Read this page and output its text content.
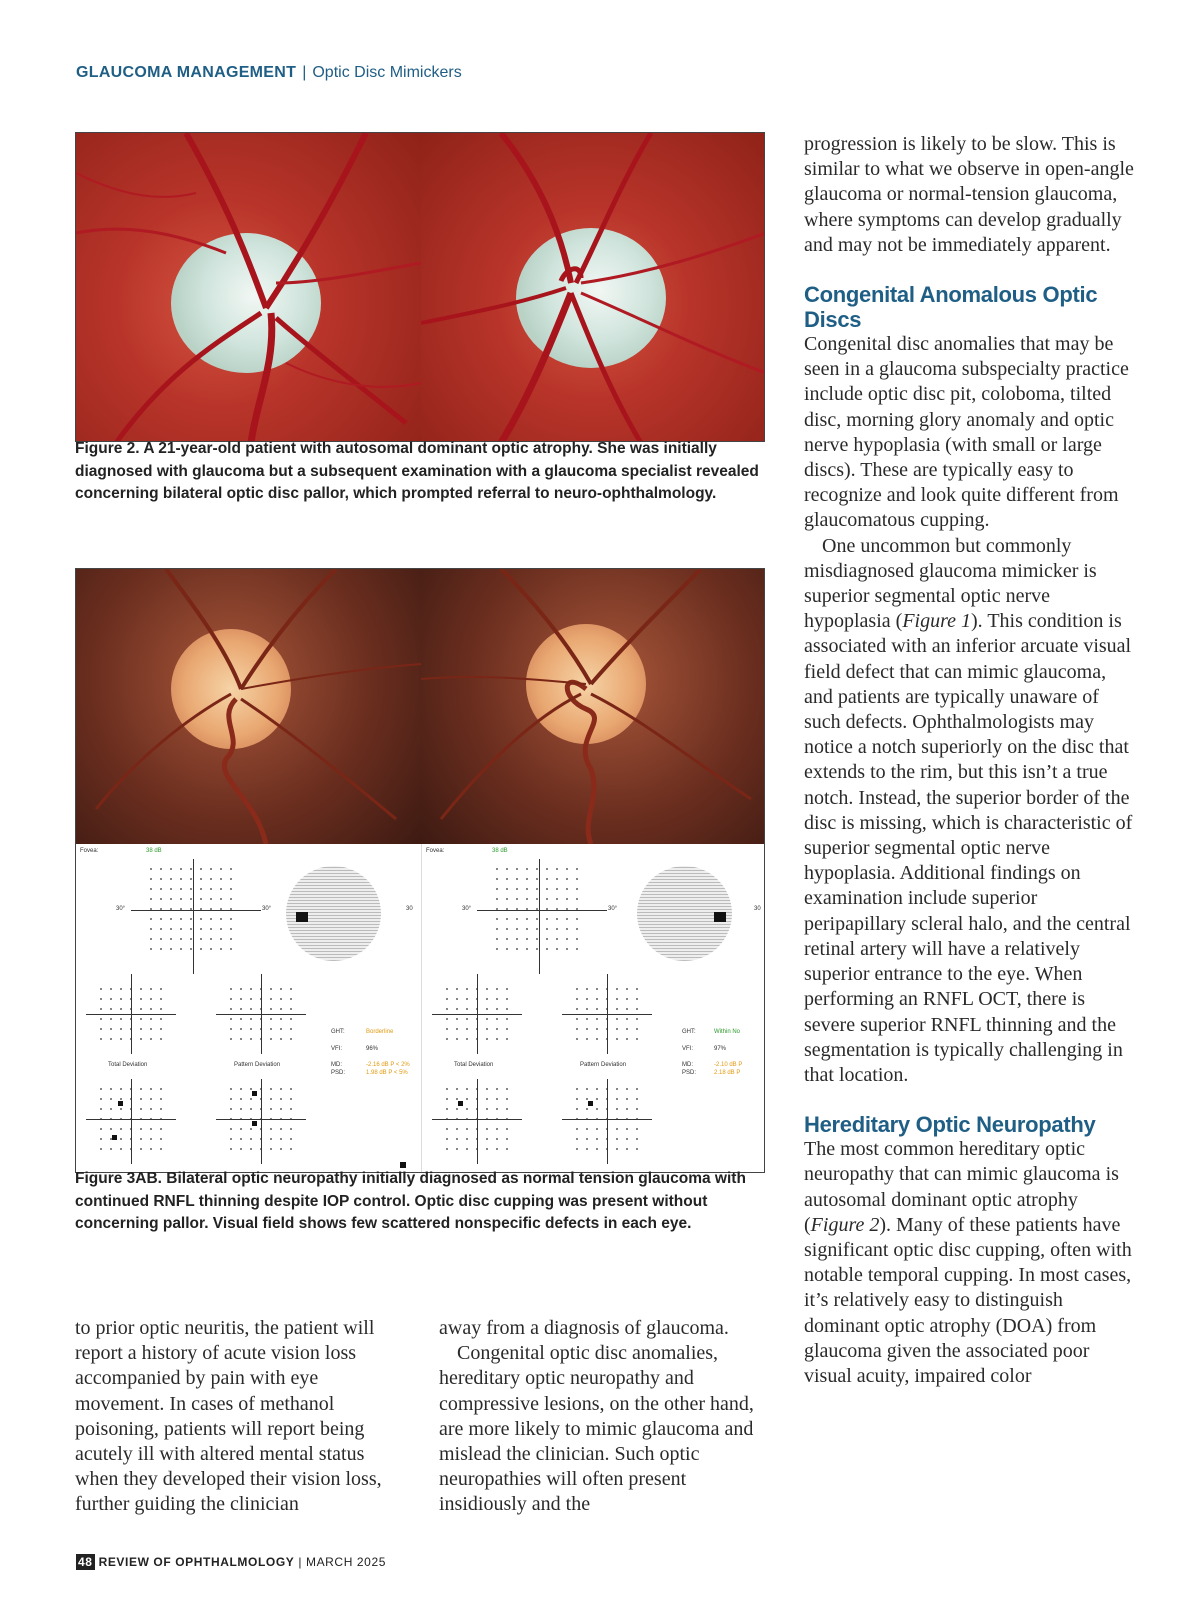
GLAUCOMA MANAGEMENT | Optic Disc Mimickers
Figure 2. A 21-year-old patient with autosomal dominant optic atrophy. She was initially diagnosed with glaucoma but a subsequent examination with a glaucoma specialist revealed concerning bilateral optic disc pallor, which prompted referral to neuro-ophthalmology.
Fovea:	38 dB
30°	30°	30
Total Deviation	Pattern Deviation
GHT:	Borderline
VFI:	96%
MD:	-2.16 dB P < 2%
PSD:	1.98 dB P < 5%
Fovea:	38 dB
30°	30°	30
Total Deviation	Pattern Deviation
GHT:	Within No
VFI:	97%
MD:	-2.10 dB P
PSD:	2.18 dB P
Figure 3AB. Bilateral optic neuropathy initially diagnosed as normal tension glaucoma with continued RNFL thinning despite IOP control. Optic disc cupping was present without concerning pallor. Visual field shows few scattered nonspecific defects in each eye.

to prior optic neuritis, the patient will report a history of acute vision loss accompanied by pain with eye movement. In cases of methanol poisoning, patients will report being acutely ill with altered mental status when they developed their vision loss, further guiding the clinician

away from a diagnosis of glaucoma.

Congenital optic disc anomalies, hereditary optic neuropathy and compressive lesions, on the other hand, are more likely to mimic glaucoma and mislead the clinician. Such optic neuropathies will often present insidiously and the

progression is likely to be slow. This is similar to what we observe in open-angle glaucoma or normal-tension glaucoma, where symptoms can develop gradually and may not be immediately apparent.

Congenital Anomalous Optic Discs

Congenital disc anomalies that may be seen in a glaucoma subspecialty practice include optic disc pit, coloboma, tilted disc, morning glory anomaly and optic nerve hypoplasia (with small or large discs). These are typically easy to recognize and look quite different from glaucomatous cupping.

One uncommon but commonly misdiagnosed glaucoma mimicker is superior segmental optic nerve hypoplasia (Figure 1). This condition is associated with an inferior arcuate visual field defect that can mimic glaucoma, and patients are typically unaware of such defects. Ophthalmologists may notice a notch superiorly on the disc that extends to the rim, but this isn’t a true notch. Instead, the superior border of the disc is missing, which is characteristic of superior segmental optic nerve hypoplasia. Additional findings on examination include superior peripapillary scleral halo, and the central retinal artery will have a relatively superior entrance to the eye. When performing an RNFL OCT, there is severe superior RNFL thinning and the segmentation is typically challenging in that location.

Hereditary Optic Neuropathy

The most common hereditary optic neuropathy that can mimic glaucoma is autosomal dominant optic atrophy (Figure 2). Many of these patients have significant optic disc cupping, often with notable temporal cupping. In most cases, it’s relatively easy to distinguish dominant optic atrophy (DOA) from glaucoma given the associated poor visual acuity, impaired color

48 REVIEW OF OPHTHALMOLOGY | MARCH 2025
